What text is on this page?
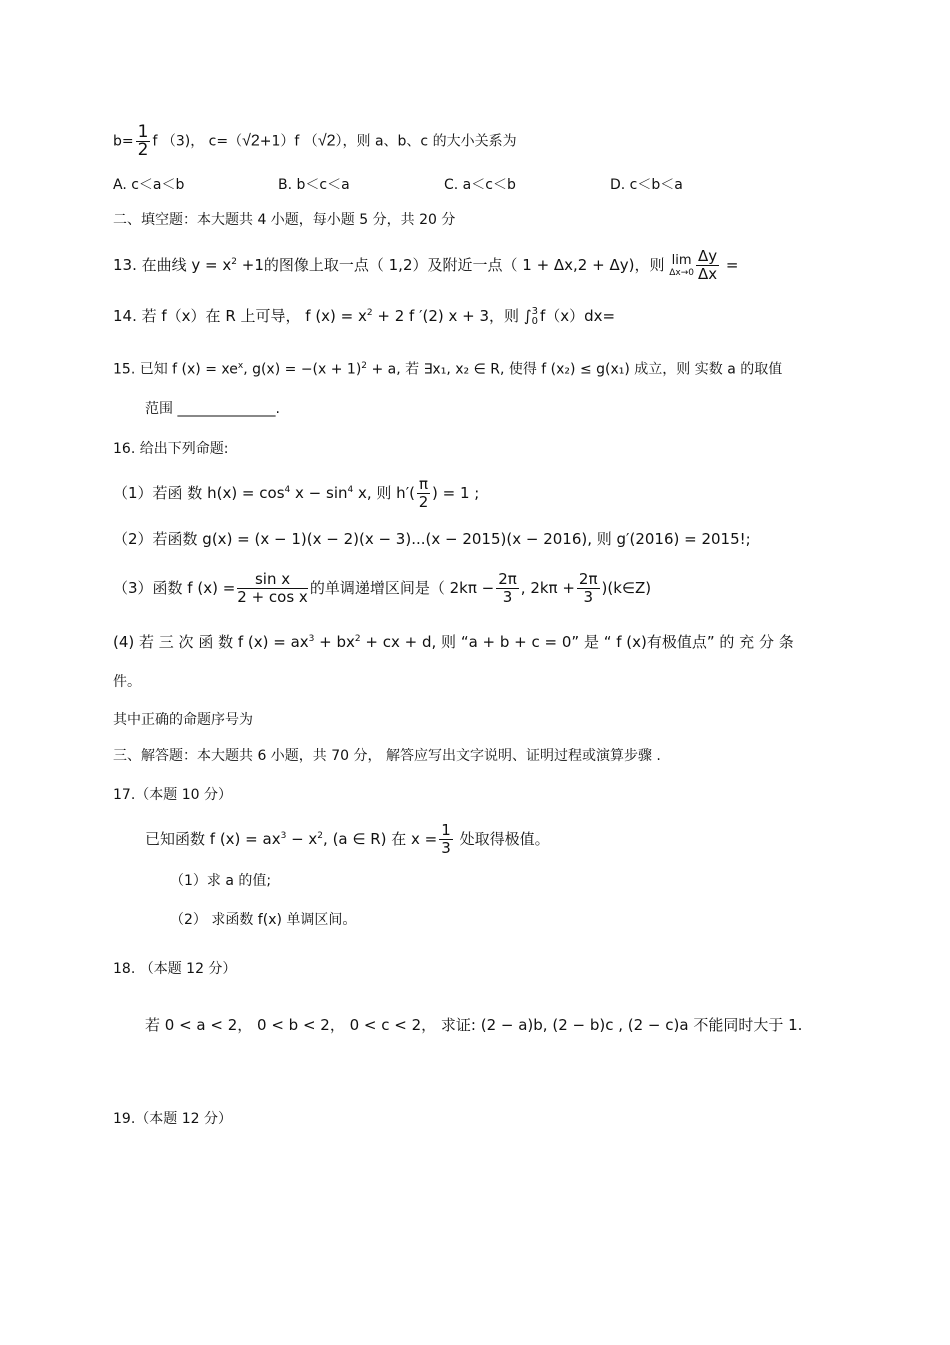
$b= \frac{1}{2}$ f （3)， c=（√2+1）f （√2），则 a、b、c 的大小关系为
A. c＜a＜b	B. b＜c＜a	C. a＜c＜b	D. c＜b＜a
二、填空题：本大题共 4 小题，每小题 5 分，共 20 分
13. 在曲线 $y = x^2 +1$的图像上取一点（ 1,2）及附近一点（ 1 + Δx,2 + Δy)，则 lim
$\Delta x\to 0 \frac{\Delta y}{\Delta x}$ =
14. 若 f（x）在 R 上可导， f $(x) = x^2 + 2$ f ′(2) x + 3，则 ∫ 3
0 f（x）dx=
15. 已知 f $(x) = xe^x$, $g(x) = -(x + 1)^2 + a$, 若 ∃x₁, x₂ ∈ R, 使得 f (x₂) ≤ g(x₁) 成立，则 实数 a 的取值
范围 ______________.
16. 给出下列命题:
（1）若函 数 $h(x) = \cos^4 x - \sin^4 x$, 则 $h'( \frac{\pi}{2}$ ) = 1 ;
（2）若函数 g(x) = (x − 1)(x − 2)(x − 3)...(x − 2015)(x − 2016), 则 g′(2016) = 2015!;
（3）函数 f $(x) = \frac{\text{sin x}}{\text{2 + cos x}}$ 的单调递增区间是（ $2k\pi - \frac{2\pi}{3}$ , $2k\pi + \frac{2\pi}{3}$ )(k∈Z)
(4) 若 三 次 函 数 f $(x) = ax^3 + bx^2$ + cx + d, 则 “a + b + c = 0” 是 “ f (x)有极值点” 的 充 分 条
件。
其中正确的命题序号为
三、解答题：本大题共 6 小题，共 70 分， 解答应写出文字说明、证明过程或演算步骤 .
17.（本题 10 分）
已知函数 f $(x) = ax^3 - x^2$, (a ∈ R) 在 $x = \frac{1}{3}$ 处取得极值。
（1）求 a 的值;
（2） 求函数 f(x) 单调区间。
18. （本题 12 分）
若 0 < a < 2， 0 < b < 2， 0 < c < 2， 求证: (2 − a)b, (2 − b)c , (2 − c)a 不能同时大于 1.
19.（本题 12 分）
